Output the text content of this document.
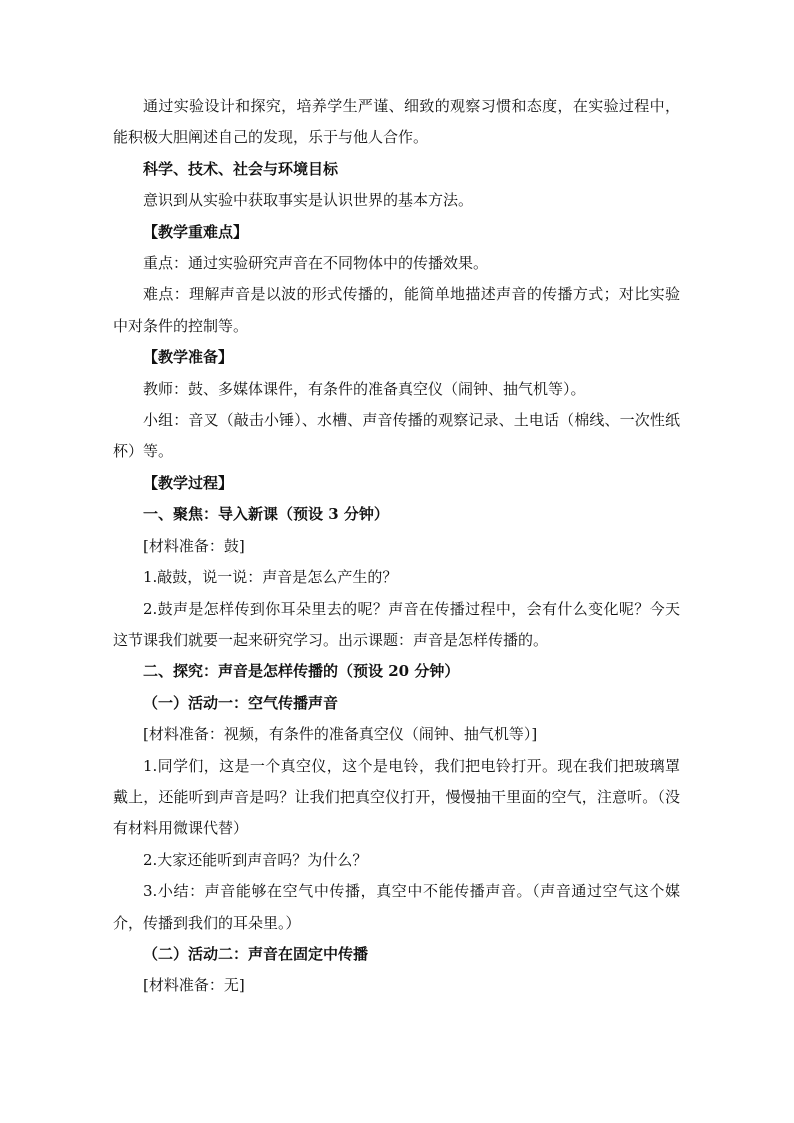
通过实验设计和探究，培养学生严谨、细致的观察习惯和态度，在实验过程中，能积极大胆阐述自己的发现，乐于与他人合作。

科学、技术、社会与环境目标

意识到从实验中获取事实是认识世界的基本方法。

【教学重难点】

重点：通过实验研究声音在不同物体中的传播效果。

难点：理解声音是以波的形式传播的，能简单地描述声音的传播方式；对比实验中对条件的控制等。

【教学准备】

教师：鼓、多媒体课件，有条件的准备真空仪（闹钟、抽气机等）。

小组：音叉（敲击小锤）、水槽、声音传播的观察记录、土电话（棉线、一次性纸杯）等。

【教学过程】

一、聚焦：导入新课（预设 3 分钟）

[材料准备：鼓]

1.敲鼓，说一说：声音是怎么产生的？

2.鼓声是怎样传到你耳朵里去的呢？声音在传播过程中，会有什么变化呢？今天这节课我们就要一起来研究学习。出示课题：声音是怎样传播的。

二、探究：声音是怎样传播的（预设 20 分钟）

（一）活动一：空气传播声音

[材料准备：视频，有条件的准备真空仪（闹钟、抽气机等）]

1.同学们，这是一个真空仪，这个是电铃，我们把电铃打开。现在我们把玻璃罩戴上，还能听到声音是吗？让我们把真空仪打开，慢慢抽干里面的空气，注意听。（没有材料用微课代替）

2.大家还能听到声音吗？为什么？

3.小结：声音能够在空气中传播，真空中不能传播声音。（声音通过空气这个媒介，传播到我们的耳朵里。）

（二）活动二：声音在固定中传播

[材料准备：无]
